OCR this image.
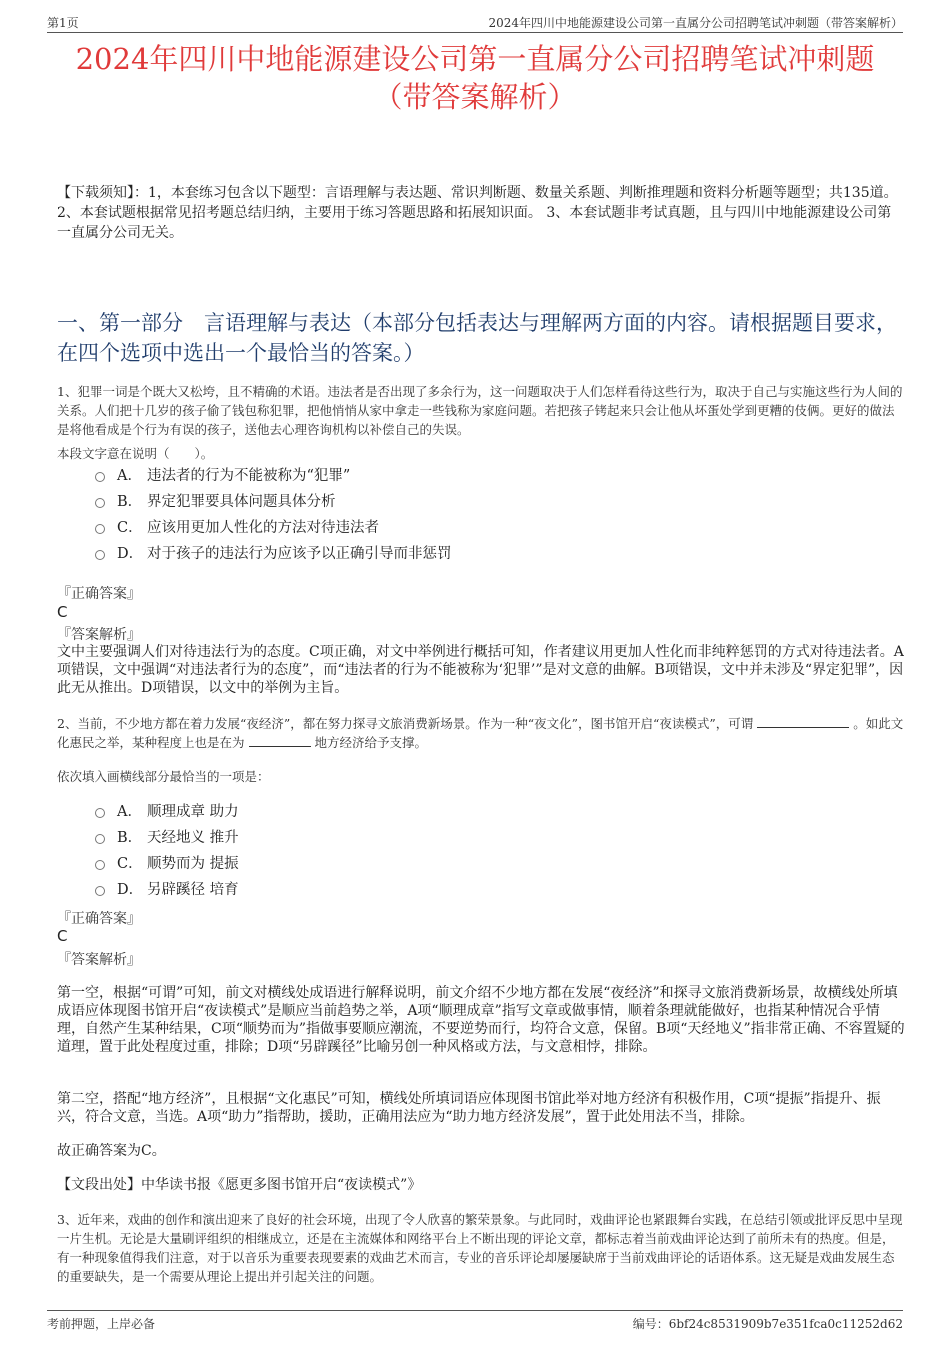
第1页	2024年四川中地能源建设公司第一直属分公司招聘笔试冲刺题（带答案解析）
2024年四川中地能源建设公司第一直属分公司招聘笔试冲刺题
（带答案解析）
【下载须知】：1，本套练习包含以下题型：言语理解与表达题、常识判断题、数量关系题、判断推理题和资料分析题等题型；共135道。 2、本套试题根据常见招考题总结归纳，主要用于练习答题思路和拓展知识面。 3、本套试题非考试真题，且与四川中地能源建设公司第一直属分公司无关。
一、第一部分　言语理解与表达（本部分包括表达与理解两方面的内容。请根据题目要求，在四个选项中选出一个最恰当的答案。）
1、犯罪一词是个既大又松垮，且不精确的术语。违法者是否出现了多余行为，这一问题取决于人们怎样看待这些行为，取决于自己与实施这些行为人间的关系。人们把十几岁的孩子偷了钱包称犯罪，把他悄悄从家中拿走一些钱称为家庭问题。若把孩子铐起来只会让他从坏蛋处学到更糟的伎俩。更好的做法是将他看成是个行为有误的孩子，送他去心理咨询机构以补偿自己的失误。
本段文字意在说明（　　）。
A． 违法者的行为不能被称为“犯罪”
B． 界定犯罪要具体问题具体分析
C． 应该用更加人性化的方法对待违法者
D． 对于孩子的违法行为应该予以正确引导而非惩罚
『正确答案』
C
『答案解析』
文中主要强调人们对待违法行为的态度。C项正确，对文中举例进行概括可知，作者建议用更加人性化而非纯粹惩罚的方式对待违法者。A项错误，文中强调“对违法者行为的态度”，而“违法者的行为不能被称为‘犯罪’”是对文意的曲解。B项错误，文中并未涉及“界定犯罪”，因此无从推出。D项错误，以文中的举例为主旨。
2、当前，不少地方都在着力发展“夜经济”，都在努力探寻文旅消费新场景。作为一种“夜文化”，图书馆开启“夜读模式”，可谓	。如此文化惠民之举，某种程度上也是在为	地方经济给予支撑。
依次填入画横线部分最恰当的一项是：
A． 顺理成章 助力
B． 天经地义 推升
C． 顺势而为 提振
D． 另辟蹊径 培育
『正确答案』
C
『答案解析』
第一空，根据“可谓”可知，前文对横线处成语进行解释说明，前文介绍不少地方都在发展“夜经济”和探寻文旅消费新场景，故横线处所填成语应体现图书馆开启“夜读模式”是顺应当前趋势之举，A项“顺理成章”指写文章或做事情，顺着条理就能做好，也指某种情况合乎情理，自然产生某种结果，C项“顺势而为”指做事要顺应潮流，不要逆势而行，均符合文意，保留。B项“天经地义”指非常正确、不容置疑的道理，置于此处程度过重，排除；D项“另辟蹊径”比喻另创一种风格或方法，与文意相悖，排除。
第二空，搭配“地方经济”，且根据“文化惠民”可知，横线处所填词语应体现图书馆此举对地方经济有积极作用，C项“提振”指提升、振兴，符合文意，当选。A项“助力”指帮助，援助，正确用法应为“助力地方经济发展”，置于此处用法不当，排除。
故正确答案为C。
【文段出处】中华读书报《愿更多图书馆开启“夜读模式”》
3、近年来，戏曲的创作和演出迎来了良好的社会环境，出现了令人欣喜的繁荣景象。与此同时，戏曲评论也紧跟舞台实践，在总结引领或批评反思中呈现一片生机。无论是大量刷评组织的相继成立，还是在主流媒体和网络平台上不断出现的评论文章，都标志着当前戏曲评论达到了前所未有的热度。但是，有一种现象值得我们注意，对于以音乐为重要表现要素的戏曲艺术而言，专业的音乐评论却屡屡缺席于当前戏曲评论的话语体系。这无疑是戏曲发展生态的重要缺失，是一个需要从理论上提出并引起关注的问题。
考前押题，上岸必备	编号：6bf24c8531909b7e351fca0c11252d62
